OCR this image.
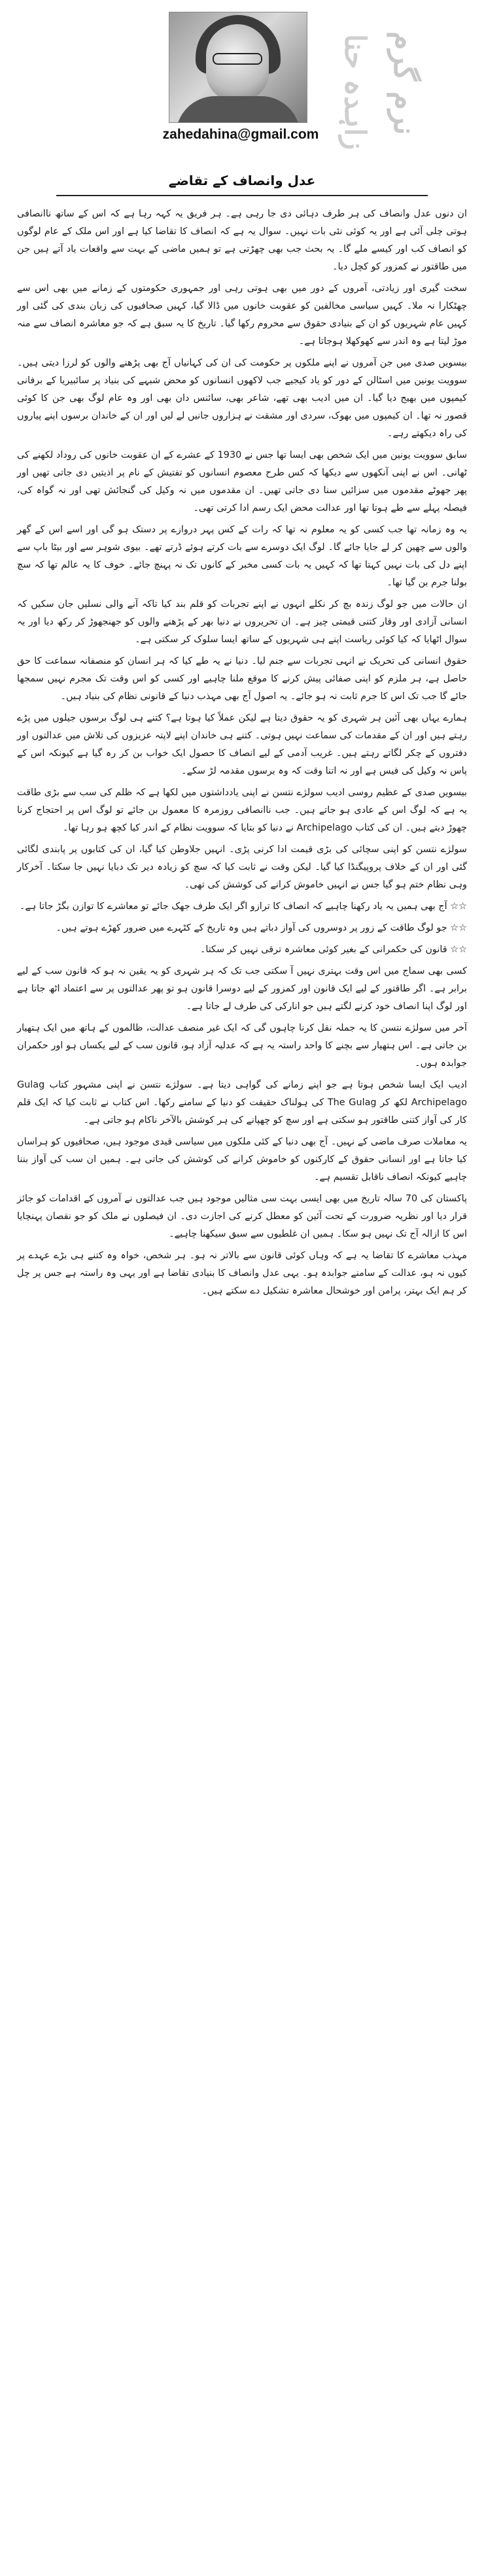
zahedahina@gmail.com زاہدہ حنا نرم گرم
عدل وانصاف کے تقاضے

ان دنوں عدل وانصاف کی ہر طرف دہائی دی جا رہی ہے۔ ہر فریق یہ کہہ رہا ہے کہ اس کے ساتھ ناانصافی ہوتی چلی آئی ہے اور یہ کوئی نئی بات نہیں۔ سوال یہ ہے کہ انصاف کا تقاضا کیا ہے اور اس ملک کے عام لوگوں کو انصاف کب اور کیسے ملے گا۔ یہ بحث جب بھی چھڑتی ہے تو ہمیں ماضی کے بہت سے واقعات یاد آتے ہیں جن میں طاقتور نے کمزور کو کچل دیا۔

سخت گیری اور زیادتی، آمروں کے دور میں بھی ہوتی رہی اور جمہوری حکومتوں کے زمانے میں بھی اس سے چھٹکارا نہ ملا۔ کہیں سیاسی مخالفین کو عقوبت خانوں میں ڈالا گیا، کہیں صحافیوں کی زبان بندی کی گئی اور کہیں عام شہریوں کو ان کے بنیادی حقوق سے محروم رکھا گیا۔ تاریخ کا یہ سبق ہے کہ جو معاشرہ انصاف سے منہ موڑ لیتا ہے وہ اندر سے کھوکھلا ہوجاتا ہے۔

بیسویں صدی میں جن آمروں نے اپنے ملکوں پر حکومت کی ان کی کہانیاں آج بھی پڑھنے والوں کو لرزا دیتی ہیں۔ سوویت یونین میں اسٹالن کے دور کو یاد کیجیے جب لاکھوں انسانوں کو محض شبہے کی بنیاد پر سائبیریا کے برفانی کیمپوں میں بھیج دیا گیا۔ ان میں ادیب بھی تھے، شاعر بھی، سائنس دان بھی اور وہ عام لوگ بھی جن کا کوئی قصور نہ تھا۔ ان کیمپوں میں بھوک، سردی اور مشقت نے ہزاروں جانیں لے لیں اور ان کے خاندان برسوں اپنے پیاروں کی راہ دیکھتے رہے۔

سابق سوویت یونین میں ایک شخص بھی ایسا تھا جس نے 1930 کے عشرے کے ان عقوبت خانوں کی روداد لکھنے کی ٹھانی۔ اس نے اپنی آنکھوں سے دیکھا کہ کس طرح معصوم انسانوں کو تفتیش کے نام پر اذیتیں دی جاتی تھیں اور پھر جھوٹے مقدموں میں سزائیں سنا دی جاتی تھیں۔ ان مقدموں میں نہ وکیل کی گنجائش تھی اور نہ گواہ کی، فیصلہ پہلے سے طے ہوتا تھا اور عدالت محض ایک رسم ادا کرتی تھی۔

یہ وہ زمانہ تھا جب کسی کو یہ معلوم نہ تھا کہ رات کے کس پہر دروازے پر دستک ہو گی اور اسے اس کے گھر والوں سے چھین کر لے جایا جائے گا۔ لوگ ایک دوسرے سے بات کرتے ہوئے ڈرتے تھے۔ بیوی شوہر سے اور بیٹا باپ سے اپنے دل کی بات نہیں کہتا تھا کہ کہیں یہ بات کسی مخبر کے کانوں تک نہ پہنچ جائے۔ خوف کا یہ عالم تھا کہ سچ بولنا جرم بن گیا تھا۔

ان حالات میں جو لوگ زندہ بچ کر نکلے انہوں نے اپنے تجربات کو قلم بند کیا تاکہ آنے والی نسلیں جان سکیں کہ انسانی آزادی اور وقار کتنی قیمتی چیز ہے۔ ان تحریروں نے دنیا بھر کے پڑھنے والوں کو جھنجھوڑ کر رکھ دیا اور یہ سوال اٹھایا کہ کیا کوئی ریاست اپنے ہی شہریوں کے ساتھ ایسا سلوک کر سکتی ہے۔

حقوق انسانی کی تحریک نے انہی تجربات سے جنم لیا۔ دنیا نے یہ طے کیا کہ ہر انسان کو منصفانہ سماعت کا حق حاصل ہے، ہر ملزم کو اپنی صفائی پیش کرنے کا موقع ملنا چاہیے اور کسی کو اس وقت تک مجرم نہیں سمجھا جائے گا جب تک اس کا جرم ثابت نہ ہو جائے۔ یہ اصول آج بھی مہذب دنیا کے قانونی نظام کی بنیاد ہیں۔

ہمارے یہاں بھی آئین ہر شہری کو یہ حقوق دیتا ہے لیکن عملاً کیا ہوتا ہے؟ کتنے ہی لوگ برسوں جیلوں میں پڑے رہتے ہیں اور ان کے مقدمات کی سماعت نہیں ہوتی۔ کتنے ہی خاندان اپنے لاپتہ عزیزوں کی تلاش میں عدالتوں اور دفتروں کے چکر لگاتے رہتے ہیں۔ غریب آدمی کے لیے انصاف کا حصول ایک خواب بن کر رہ گیا ہے کیونکہ اس کے پاس نہ وکیل کی فیس ہے اور نہ اتنا وقت کہ وہ برسوں مقدمہ لڑ سکے۔

بیسویں صدی کے عظیم روسی ادیب سولژے نتسن نے اپنی یادداشتوں میں لکھا ہے کہ ظلم کی سب سے بڑی طاقت یہ ہے کہ لوگ اس کے عادی ہو جاتے ہیں۔ جب ناانصافی روزمرہ کا معمول بن جائے تو لوگ اس پر احتجاج کرنا چھوڑ دیتے ہیں۔ ان کی کتاب Archipelago نے دنیا کو بتایا کہ سوویت نظام کے اندر کیا کچھ ہو رہا تھا۔

سولژے نتسن کو اپنی سچائی کی بڑی قیمت ادا کرنی پڑی۔ انہیں جلاوطن کیا گیا، ان کی کتابوں پر پابندی لگائی گئی اور ان کے خلاف پروپیگنڈا کیا گیا۔ لیکن وقت نے ثابت کیا کہ سچ کو زیادہ دیر تک دبایا نہیں جا سکتا۔ آخرکار وہی نظام ختم ہو گیا جس نے انہیں خاموش کرانے کی کوشش کی تھی۔

☆☆ آج بھی ہمیں یہ یاد رکھنا چاہیے کہ انصاف کا ترازو اگر ایک طرف جھک جائے تو معاشرے کا توازن بگڑ جاتا ہے۔

☆☆ جو لوگ طاقت کے زور پر دوسروں کی آواز دباتے ہیں وہ تاریخ کے کٹہرے میں ضرور کھڑے ہوتے ہیں۔

☆☆ قانون کی حکمرانی کے بغیر کوئی معاشرہ ترقی نہیں کر سکتا۔

کسی بھی سماج میں اس وقت بہتری نہیں آ سکتی جب تک کہ ہر شہری کو یہ یقین نہ ہو کہ قانون سب کے لیے برابر ہے۔ اگر طاقتور کے لیے ایک قانون اور کمزور کے لیے دوسرا قانون ہو تو پھر عدالتوں پر سے اعتماد اٹھ جاتا ہے اور لوگ اپنا انصاف خود کرنے لگتے ہیں جو انارکی کی طرف لے جاتا ہے۔

آخر میں سولژے نتسن کا یہ جملہ نقل کرنا چاہوں گی کہ ایک غیر منصف عدالت، ظالموں کے ہاتھ میں ایک ہتھیار بن جاتی ہے۔ اس ہتھیار سے بچنے کا واحد راستہ یہ ہے کہ عدلیہ آزاد ہو، قانون سب کے لیے یکساں ہو اور حکمران جوابدہ ہوں۔

ادیب ایک ایسا شخص ہوتا ہے جو اپنے زمانے کی گواہی دیتا ہے۔ سولژے نتسن نے اپنی مشہور کتاب Gulag Archipelago لکھ کر The Gulag کی ہولناک حقیقت کو دنیا کے سامنے رکھا۔ اس کتاب نے ثابت کیا کہ ایک قلم کار کی آواز کتنی طاقتور ہو سکتی ہے اور سچ کو چھپانے کی ہر کوشش بالآخر ناکام ہو جاتی ہے۔

یہ معاملات صرف ماضی کے نہیں۔ آج بھی دنیا کے کئی ملکوں میں سیاسی قیدی موجود ہیں، صحافیوں کو ہراساں کیا جاتا ہے اور انسانی حقوق کے کارکنوں کو خاموش کرانے کی کوشش کی جاتی ہے۔ ہمیں ان سب کی آواز بننا چاہیے کیونکہ انصاف ناقابل تقسیم ہے۔

پاکستان کی 70 سالہ تاریخ میں بھی ایسی بہت سی مثالیں موجود ہیں جب عدالتوں نے آمروں کے اقدامات کو جائز قرار دیا اور نظریہ ضرورت کے تحت آئین کو معطل کرنے کی اجازت دی۔ ان فیصلوں نے ملک کو جو نقصان پہنچایا اس کا ازالہ آج تک نہیں ہو سکا۔ ہمیں ان غلطیوں سے سبق سیکھنا چاہیے۔

مہذب معاشرے کا تقاضا یہ ہے کہ وہاں کوئی قانون سے بالاتر نہ ہو۔ ہر شخص، خواہ وہ کتنے ہی بڑے عہدے پر کیوں نہ ہو، عدالت کے سامنے جوابدہ ہو۔ یہی عدل وانصاف کا بنیادی تقاضا ہے اور یہی وہ راستہ ہے جس پر چل کر ہم ایک بہتر، پرامن اور خوشحال معاشرہ تشکیل دے سکتے ہیں۔
